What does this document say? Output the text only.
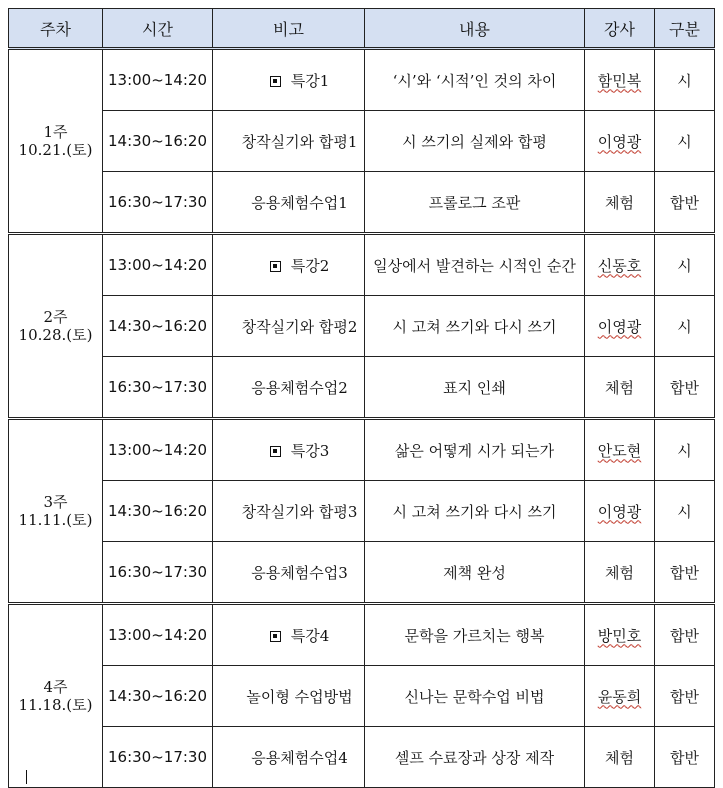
주차	시간	비고	내용	강사	구분

1주
10.21.(토)	13:00~14:20	특강1	‘시’와 ‘시적’인 것의 차이	함민복	시
	14:30~16:20	창작실기와 합평1	시 쓰기의 실제와 합평	이영광	시
	16:30~17:30	응용체험수업1	프롤로그 조판	체험	합반

2주
10.28.(토)	13:00~14:20	특강2	일상에서 발견하는 시적인 순간	신동호	시
	14:30~16:20	창작실기와 합평2	시 고쳐 쓰기와 다시 쓰기	이영광	시
	16:30~17:30	응용체험수업2	표지 인쇄	체험	합반

3주
11.11.(토)	13:00~14:20	특강3	삶은 어떻게 시가 되는가	안도현	시
	14:30~16:20	창작실기와 합평3	시 고쳐 쓰기와 다시 쓰기	이영광	시
	16:30~17:30	응용체험수업3	제책 완성	체험	합반

4주
11.18.(토)	13:00~14:20	특강4	문학을 가르치는 행복	방민호	합반
	14:30~16:20	놀이형 수업방법	신나는 문학수업 비법	윤동희	합반
	16:30~17:30	응용체험수업4	셀프 수료장과 상장 제작	체험	합반
